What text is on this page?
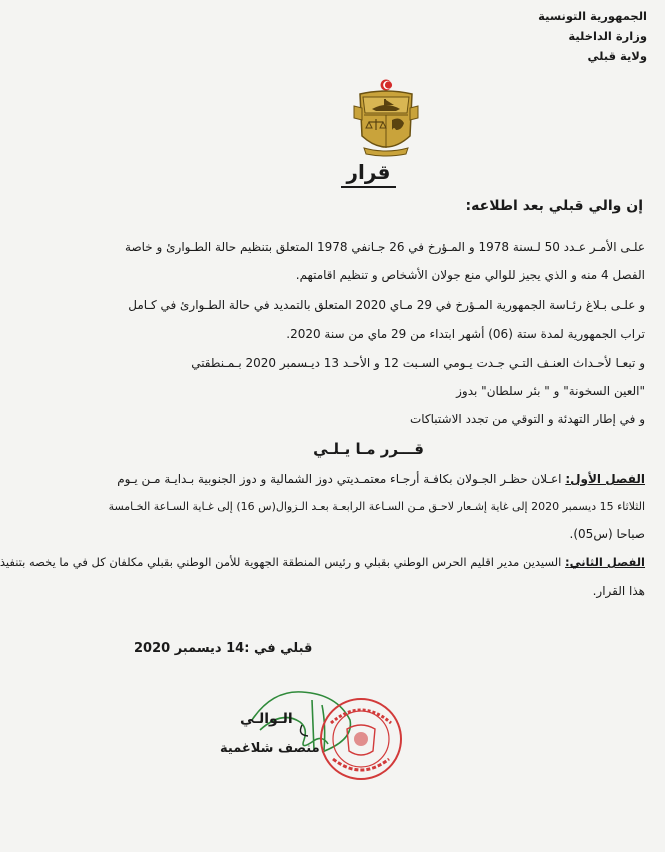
الجمهورية التونسية
وزارة الداخلية
ولاية قبلي
قرار
إن والي قبلي بعد اطلاعه:
علـى الأمـر عـدد 50 لـسنة 1978 و المـؤرخ في 26 جـانفي 1978 المتعلق بتنظيم حالة الطـوارئ و خاصة
الفصل 4 منه و الذي يجيز للوالي منع جولان الأشخاص و تنظيم اقامتهم.
و علـى بـلاغ رئـاسة الجمهورية المـؤرخ في 29 مـاي 2020 المتعلق بالتمديد في حالة الطـوارئ في كـامل
تراب الجمهورية لمدة ستة (06) أشهر ابتداء من 29 ماي من سنة 2020.
و تبعـا لأحـداث العنـف التـي جـدت يـومي السـبت 12 و الأحـد 13 ديـسمبر 2020 بـمـنطقتي
"العين السخونة" و " بئر سلطان" بدوز
و في إطار التهدئة و التوقي من تجدد الاشتباكات
قـــرر مـا يـلـي
الفصل الأول: اعـلان حظـر الجـولان بكافـة أرجـاء معتمـديتي دوز الشمالية و دوز الجنوبية بـدايـة مـن يـوم
الثلاثاء 15 ديسمبر 2020 إلى غاية إشـعار لاحـق مـن السـاعة الرابعـة بعـد الـزوال(س 16) إلى غـاية السـاعة الخـامسة
صباحا (س05).
الفصل الثاني: السيدين مدير اقليم الحرس الوطني بقبلي و رئيس المنطقة الجهوية للأمن الوطني بقبلي مكلفان كل في ما يخصه بتنفيذ
هذا القرار.
قبلي في :14 ديسمبر 2020
الـوالـي
منصف شلاغمية
